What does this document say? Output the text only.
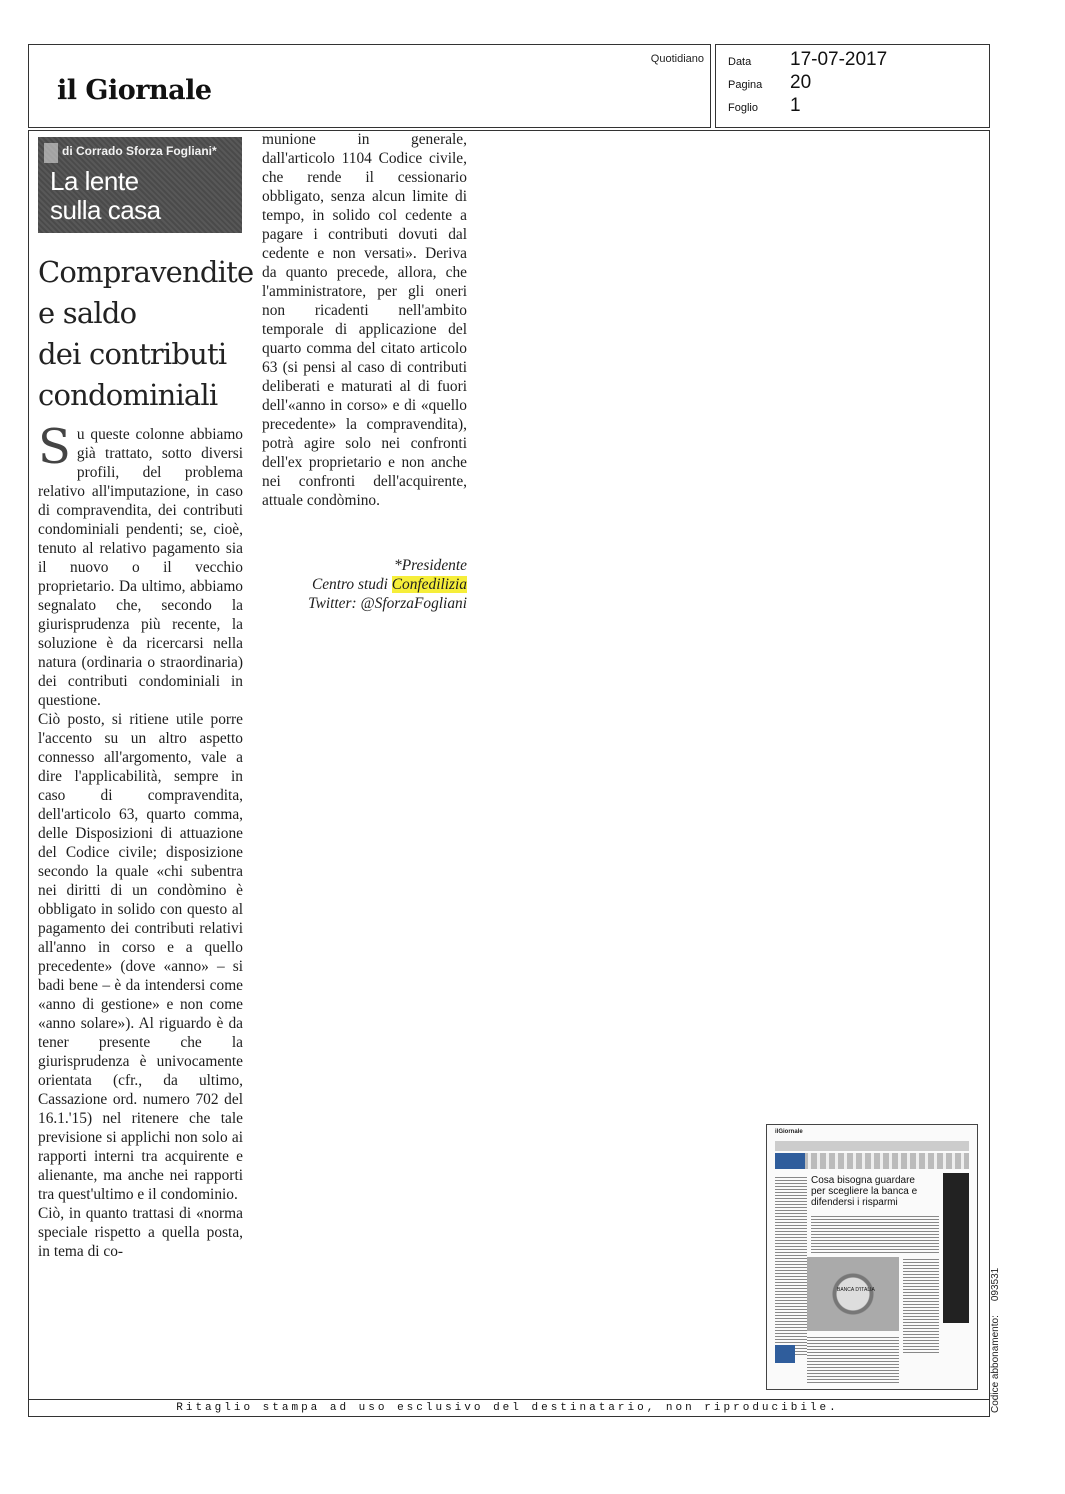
il Giornale
Quotidiano Data 17-07-2017
Pagina 20
Foglio 1
di Corrado Sforza Fogliani*
La lente
sulla casa
Compravendite
e saldo
dei contributi
condominiali

Su queste colonne abbiamo già trattato, sotto diversi profili, del problema relativo all'imputazione, in caso di compravendita, dei contributi condominiali pendenti; se, cioè, tenuto al relativo pagamento sia il nuovo o il vecchio proprietario. Da ultimo, abbiamo segnalato che, secondo la giurisprudenza più recente, la soluzione è da ricercarsi nella natura (ordinaria o straordinaria) dei contributi condominiali in questione.

Ciò posto, si ritiene utile porre l'accento su un altro aspetto connesso all'argomento, vale a dire l'applicabilità, sempre in caso di compravendita, dell'articolo 63, quarto comma, delle Disposizioni di attuazione del Codice civile; disposizione secondo la quale «chi subentra nei diritti di un condòmino è obbligato in solido con questo al pagamento dei contributi relativi all'anno in corso e a quello precedente» (dove «anno» – si badi bene – è da intendersi come «anno di gestione» e non come «anno solare»). Al riguardo è da tener presente che la giurisprudenza è univocamente orientata (cfr., da ultimo, Cassazione ord. numero 702 del 16.1.'15) nel ritenere che tale previsione si applichi non solo ai rapporti interni tra acquirente e alienante, ma anche nei rapporti tra quest'ultimo e il condominio.

Ciò, in quanto trattasi di «norma speciale rispetto a quella posta, in tema di co-

munione in generale, dall'articolo 1104 Codice civile, che rende il cessionario obbligato, senza alcun limite di tempo, in solido col cedente a pagare i contributi dovuti dal cedente e non versati». Deriva da quanto precede, allora, che l'amministratore, per gli oneri non ricadenti nell'ambito temporale di applicazione del quarto comma del citato articolo 63 (si pensi al caso di contributi deliberati e maturati al di fuori dell'«anno in corso» e di «quello precedente» la compravendita), potrà agire solo nei confronti dell'ex proprietario e non anche nei confronti dell'acquirente, attuale condòmino.

*Presidente
Centro studi Confedilizia
Twitter: @SforzaFogliani
ilGiornale
Cosa bisogna guardare per scegliere la banca e difendersi i risparmi
BANCA D'ITALIA
Codice abbonamento:093531
Ritaglio stampa ad uso esclusivo del destinatario, non riproducibile.
